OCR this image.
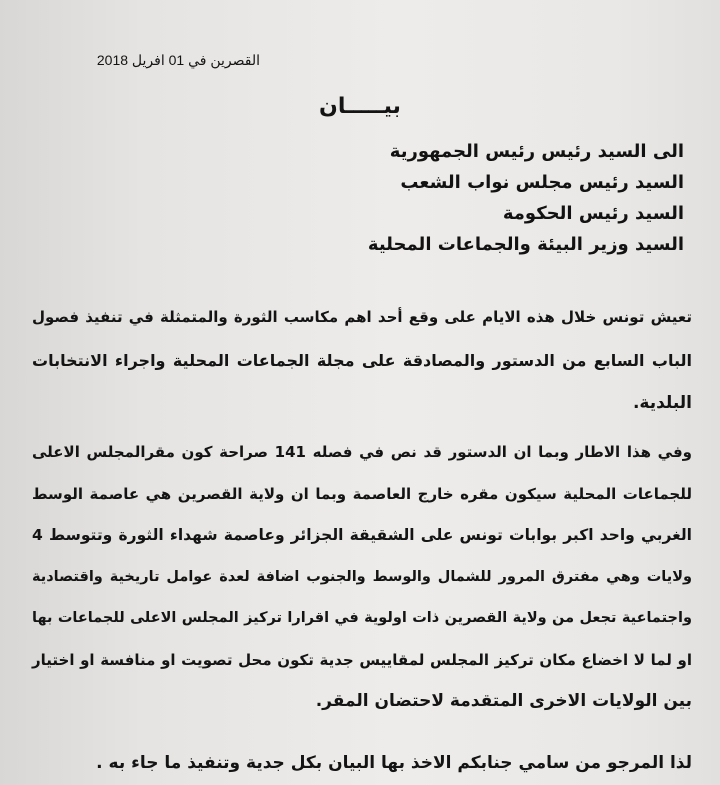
القصرين في 01 افريل 2018
بيـــــان
الى السيد رئيس رئيس الجمهورية
السيد رئيس مجلس نواب الشعب
السيد رئيس الحكومة
السيد وزير البيئة والجماعات المحلية
تعيش تونس خلال هذه الايام على وقع أحد اهم مكاسب الثورة والمتمثلة في تنفيذ فصول
الباب السابع من الدستور والمصادقة على مجلة الجماعات المحلية واجراء الانتخابات
البلدية.
وفي هذا الاطار وبما ان الدستور قد نص في فصله 141 صراحة كون مقرالمجلس الاعلى
للجماعات المحلية سيكون مقره خارج العاصمة وبما ان ولاية القصرين هي عاصمة الوسط
الغربي واحد اكبر بوابات تونس على الشقيقة الجزائر وعاصمة شهداء الثورة وتتوسط 4
ولايات وهي مفترق المرور للشمال والوسط والجنوب اضافة لعدة عوامل تاريخية واقتصادية
واجتماعية تجعل من ولاية القصرين ذات اولوية في اقرارا تركيز المجلس الاعلى للجماعات بها
او لما لا اخضاع مكان تركيز المجلس لمقاييس جدية تكون محل تصويت او منافسة او اختيار
بين الولايات الاخرى المتقدمة لاحتضان المقر.
لذا المرجو من سامي جنابكم الاخذ بها البيان بكل جدية وتنفيذ ما جاء به .
